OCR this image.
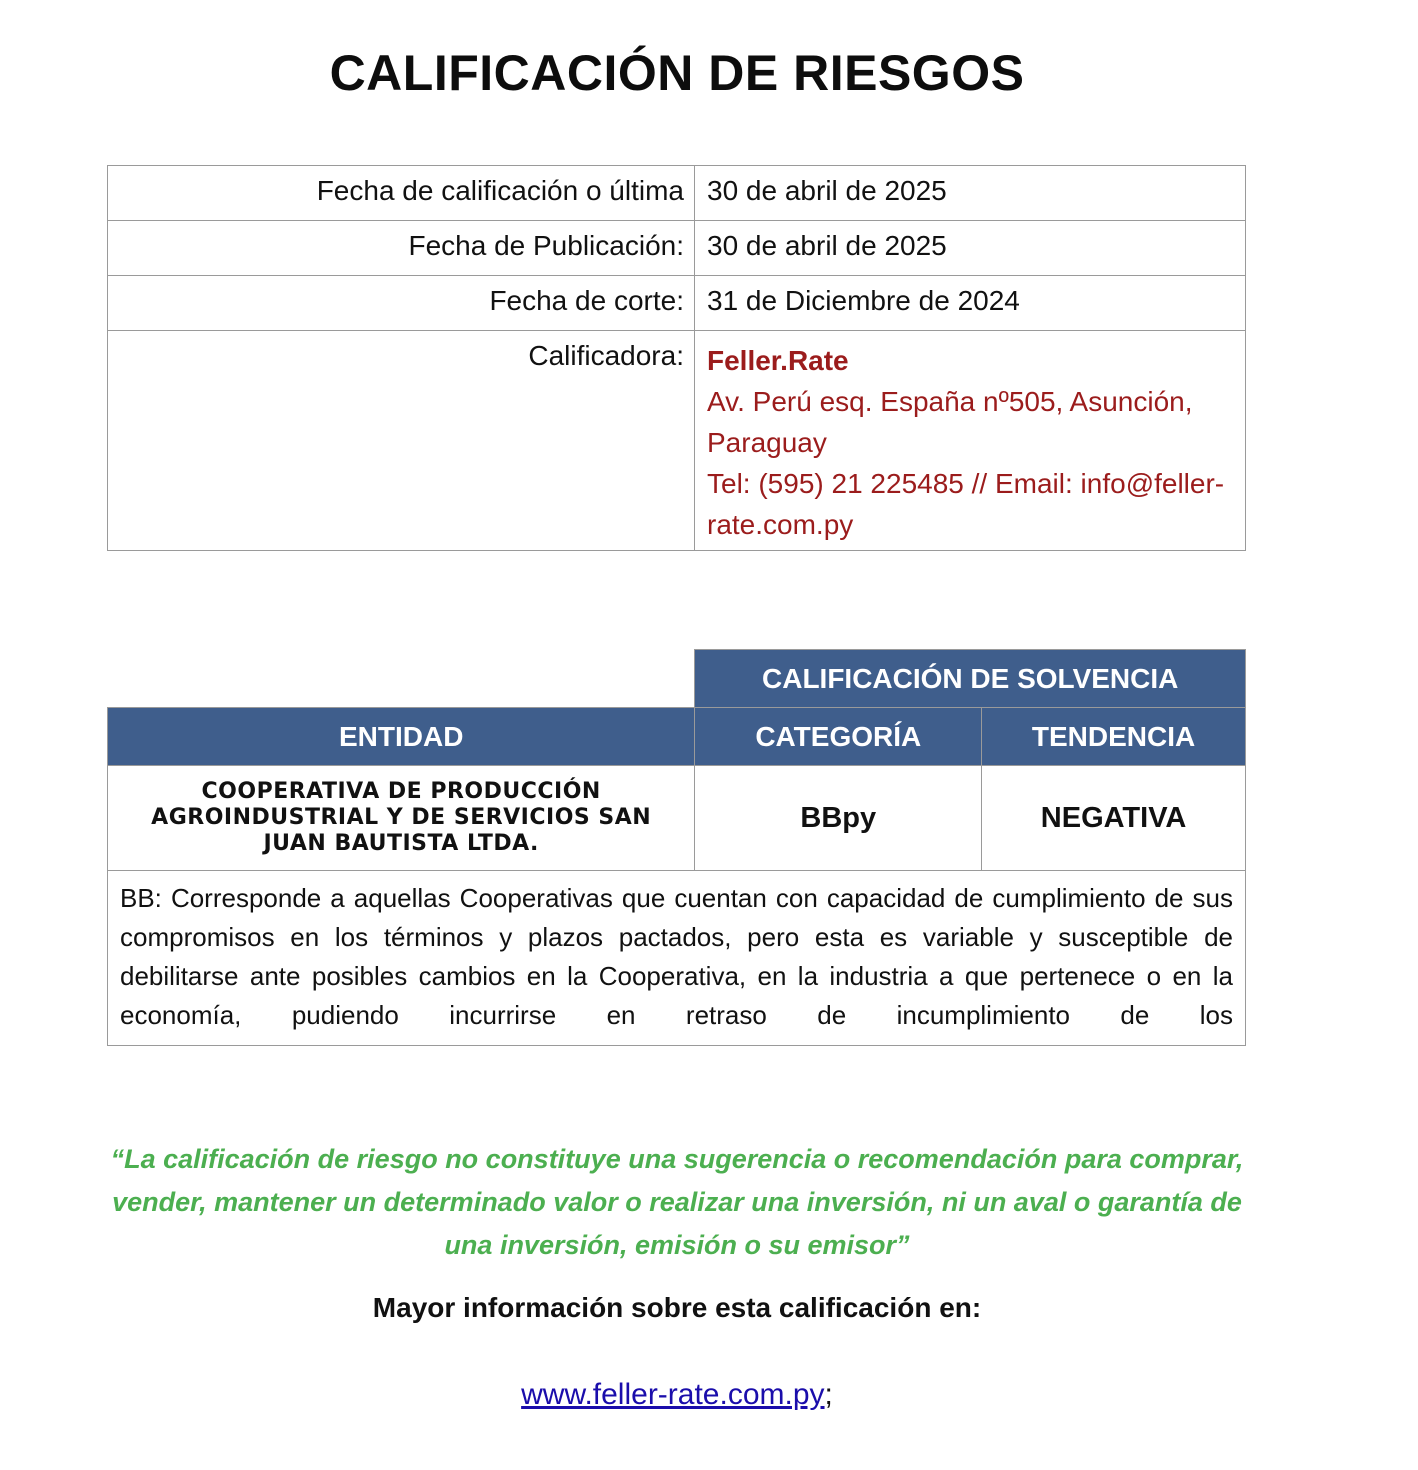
CALIFICACIÓN DE RIESGOS
Fecha de calificación o última	30 de abril de 2025
Fecha de Publicación:	30 de abril de 2025
Fecha de corte:	31 de Diciembre de 2024
Calificadora:	Feller.Rate
Av. Perú esq. España nº505, Asunción, Paraguay
Tel: (595) 21 225485 // Email: info@feller-rate.com.py
	CALIFICACIÓN DE SOLVENCIA	
ENTIDAD	CATEGORÍA	TENDENCIA
COOPERATIVA DE PRODUCCIÓN AGROINDUSTRIAL Y DE SERVICIOS SAN JUAN BAUTISTA LTDA.	BBpy	NEGATIVA
BB: Corresponde a aquellas Cooperativas que cuentan con capacidad de cumplimiento de sus compromisos en los términos y plazos pactados, pero esta es variable y susceptible de debilitarse ante posibles cambios en la Cooperativa, en la industria a que pertenece o en la economía, pudiendo incurrirse en retraso de incumplimiento de los		
“La calificación de riesgo no constituye una sugerencia o recomendación para comprar, vender, mantener un determinado valor o realizar una inversión, ni un aval o garantía de una inversión, emisión o su emisor”
Mayor información sobre esta calificación en:
www.feller-rate.com.py;
